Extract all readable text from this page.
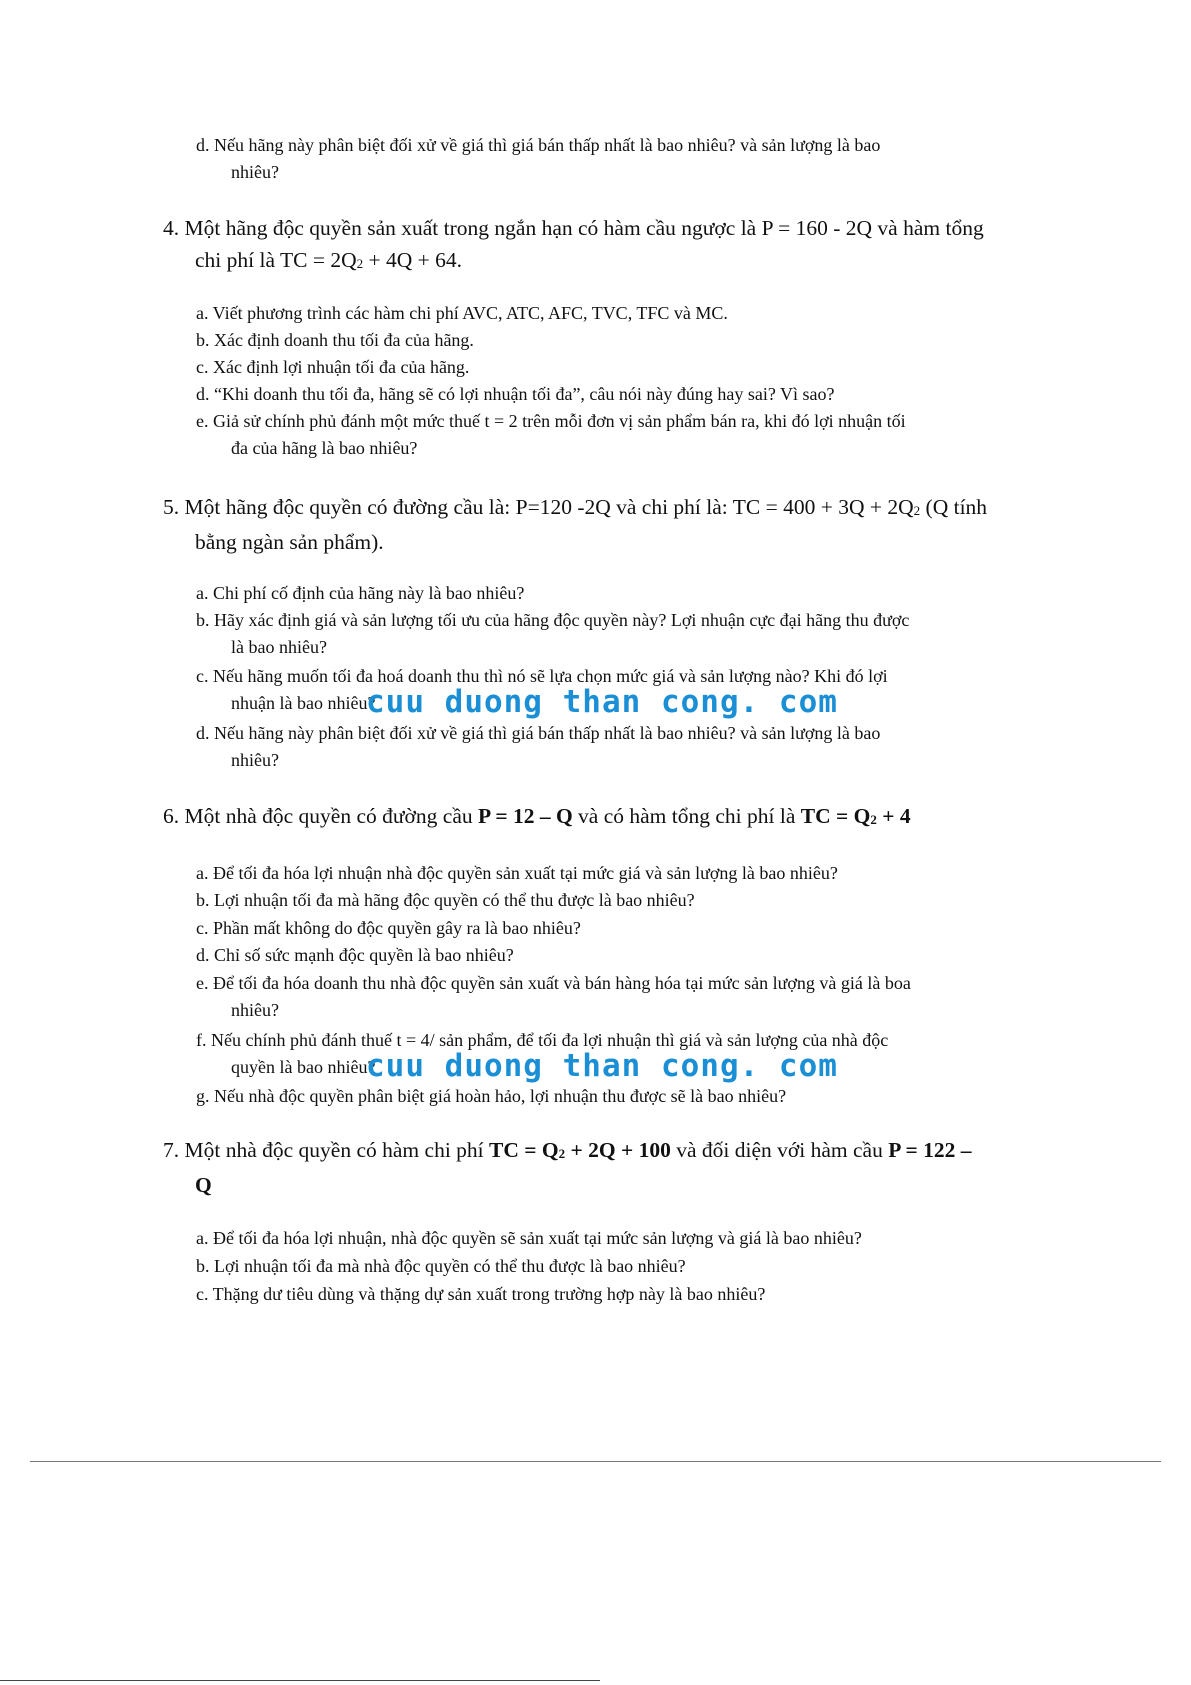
d. Nếu hãng này phân biệt đối xử về giá thì giá bán thấp nhất là bao nhiêu? và sản lượng là bao
nhiêu?
4. Một hãng độc quyền sản xuất trong ngắn hạn có hàm cầu ngược là P = 160 - 2Q và hàm tổng
chi phí là TC = $2Q_2 + 4Q + 64$.
a. Viết phương trình các hàm chi phí AVC, ATC, AFC, TVC, TFC và MC.
b. Xác định doanh thu tối đa của hãng.
c. Xác định lợi nhuận tối đa của hãng.
d. “Khi doanh thu tối đa, hãng sẽ có lợi nhuận tối đa”, câu nói này đúng hay sai? Vì sao?
e. Giả sử chính phủ đánh một mức thuế t = 2 trên mỗi đơn vị sản phẩm bán ra, khi đó lợi nhuận tối
đa của hãng là bao nhiêu?
5. Một hãng độc quyền có đường cầu là: P=120 -2Q và chi phí là: TC = $400 + 3Q + 2Q_2$ (Q tính
bằng ngàn sản phẩm).
a. Chi phí cố định của hãng này là bao nhiêu?
b. Hãy xác định giá và sản lượng tối ưu của hãng độc quyền này? Lợi nhuận cực đại hãng thu được
là bao nhiêu?
c. Nếu hãng muốn tối đa hoá doanh thu thì nó sẽ lựa chọn mức giá và sản lượng nào? Khi đó lợi
nhuận là bao nhiêu?
cuu duong than cong. com
d. Nếu hãng này phân biệt đối xử về giá thì giá bán thấp nhất là bao nhiêu? và sản lượng là bao
nhiêu?
6. Một nhà độc quyền có đường cầu P = 12 – Q và có hàm tổng chi phí là TC = $Q_2 + 4$
a. Để tối đa hóa lợi nhuận nhà độc quyền sản xuất tại mức giá và sản lượng là bao nhiêu?
b. Lợi nhuận tối đa mà hãng độc quyền có thể thu được là bao nhiêu?
c. Phần mất không do độc quyền gây ra là bao nhiêu?
d. Chỉ số sức mạnh độc quyền là bao nhiêu?
e. Để tối đa hóa doanh thu nhà độc quyền sản xuất và bán hàng hóa tại mức sản lượng và giá là boa
nhiêu?
f. Nếu chính phủ đánh thuế t = 4/ sản phẩm, để tối đa lợi nhuận thì giá và sản lượng của nhà độc
quyền là bao nhiêu?
cuu duong than cong. com
g. Nếu nhà độc quyền phân biệt giá hoàn hảo, lợi nhuận thu được sẽ là bao nhiêu?
7. Một nhà độc quyền có hàm chi phí TC = $Q_2 + 2Q + 100$ và đối diện với hàm cầu P = 122 –
Q
a. Để tối đa hóa lợi nhuận, nhà độc quyền sẽ sản xuất tại mức sản lượng và giá là bao nhiêu?
b. Lợi nhuận tối đa mà nhà độc quyền có thể thu được là bao nhiêu?
c. Thặng dư tiêu dùng và thặng dự sản xuất trong trường hợp này là bao nhiêu?
